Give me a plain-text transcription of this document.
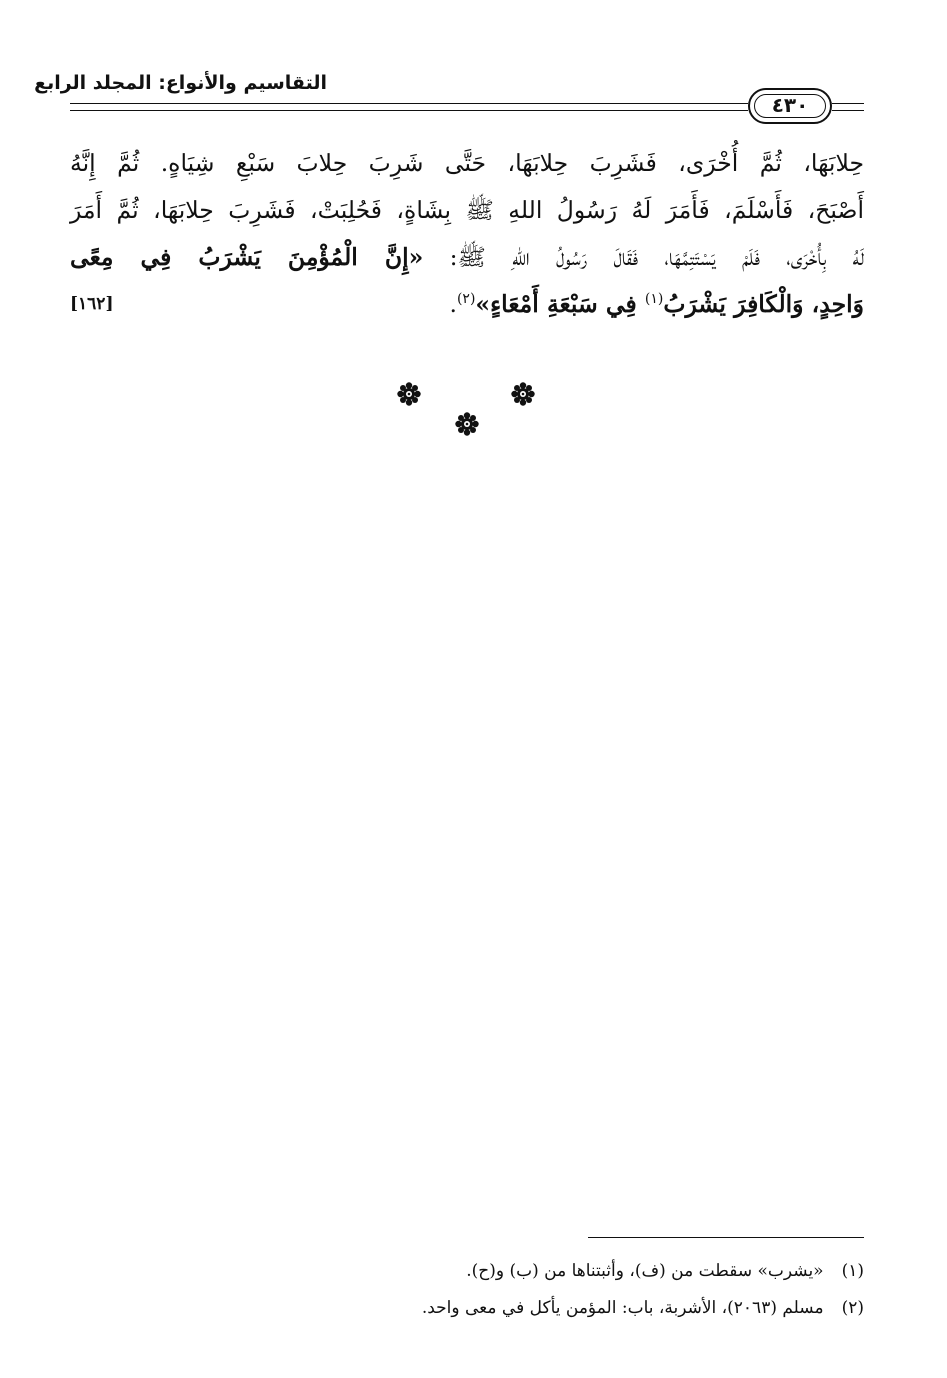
التقاسيم والأنواع: المجلد الرابع
٤٣٠
حِلابَهَا، ثُمَّ أُخْرَى، فَشَرِبَ حِلابَهَا، حَتَّى شَرِبَ حِلابَ سَبْعِ شِيَاهٍ. ثُمَّ إِنَّهُ
أَصْبَحَ، فَأَسْلَمَ، فَأَمَرَ لَهُ رَسُولُ اللهِ ﷺ بِشَاةٍ، فَحُلِبَتْ، فَشَرِبَ حِلابَهَا، ثُمَّ أَمَرَ
لَهُ بِأُخْرَى، فَلَمْ يَسْتَتِمَّهَا، فَقَالَ رَسُولُ اللهِ ﷺ: «إِنَّ الْمُؤْمِنَ يَشْرَبُ فِي مِعًى
وَاحِدٍ، وَالْكَافِرَ يَشْرَبُ$^{(١)}$ فِي سَبْعَةِ أَمْعَاءٍ»$^{(٢)}$.
[١٦٢]
(١)«يشرب» سقطت من (ف)، وأثبتناها من (ب) و(ح).
(٢)مسلم (٢٠٦٣)، الأشربة، باب: المؤمن يأكل في معى واحد.
